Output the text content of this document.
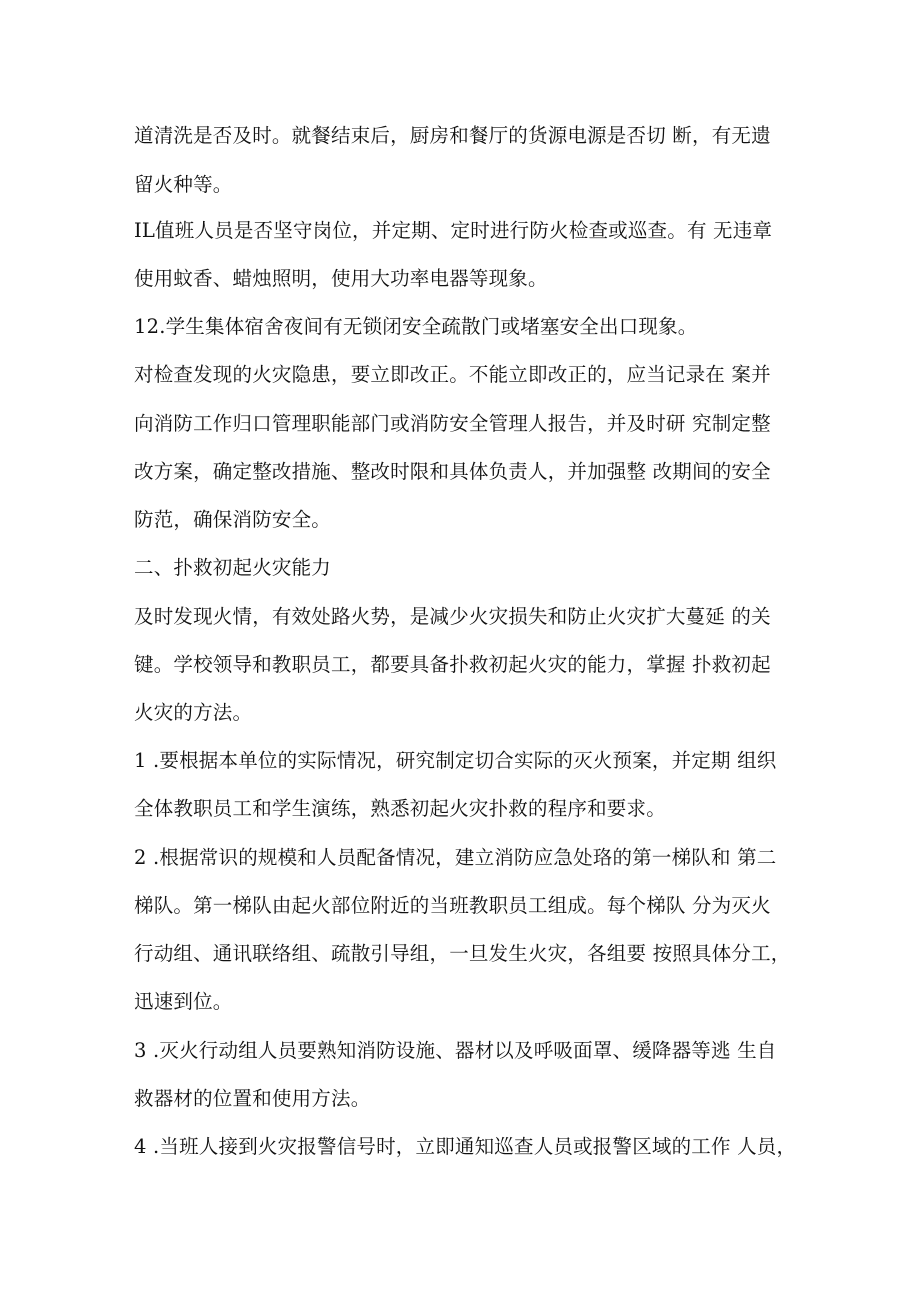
道清洗是否及时。就餐结束后，厨房和餐厅的货源电源是否切 断，有无遗
留火种等。
IL值班人员是否坚守岗位，并定期、定时进行防火检查或巡查。有 无违章
使用蚊香、蜡烛照明，使用大功率电器等现象。
12.学生集体宿舍夜间有无锁闭安全疏散门或堵塞安全出口现象。
对检查发现的火灾隐患，要立即改正。不能立即改正的，应当记录在 案并
向消防工作归口管理职能部门或消防安全管理人报告，并及时研 究制定整
改方案，确定整改措施、整改时限和具体负责人，并加强整 改期间的安全
防范，确保消防安全。
二、扑救初起火灾能力
及时发现火情，有效处路火势，是减少火灾损失和防止火灾扩大蔓延 的关
键。学校领导和教职员工，都要具备扑救初起火灾的能力，掌握 扑救初起
火灾的方法。
1 .要根据本单位的实际情况，研究制定切合实际的灭火预案，并定期 组织
全体教职员工和学生演练，熟悉初起火灾扑救的程序和要求。
2 .根据常识的规模和人员配备情况，建立消防应急处珞的第一梯队和 第二
梯队。第一梯队由起火部位附近的当班教职员工组成。每个梯队 分为灭火
行动组、通讯联络组、疏散引导组，一旦发生火灾，各组要 按照具体分工，
迅速到位。
3 .灭火行动组人员要熟知消防设施、器材以及呼吸面罩、缓降器等逃 生自
救器材的位置和使用方法。
4 .当班人接到火灾报警信号时，立即通知巡查人员或报警区域的工作 人员，
